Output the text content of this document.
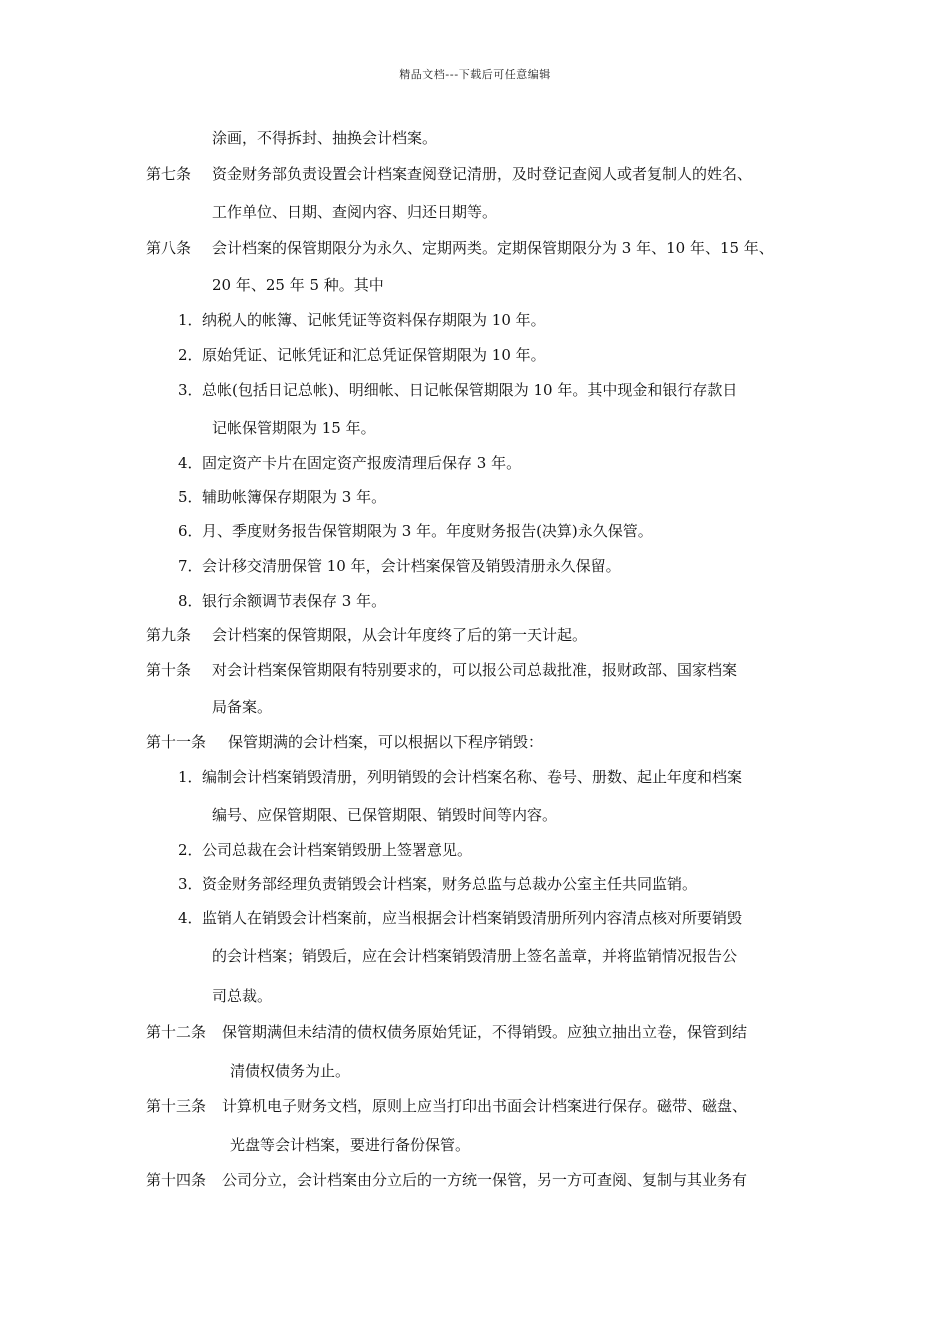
精品文档---下载后可任意编辑
涂画，不得拆封、抽换会计档案。
第七条 资金财务部负责设置会计档案查阅登记清册，及时登记查阅人或者复制人的姓名、
工作单位、日期、查阅内容、归还日期等。
第八条 会计档案的保管期限分为永久、定期两类。定期保管期限分为 3 年、10 年、15 年、
20 年、25 年 5 种。其中
1．纳税人的帐簿、记帐凭证等资料保存期限为 10 年。
2．原始凭证、记帐凭证和汇总凭证保管期限为 10 年。
3．总帐(包括日记总帐)、明细帐、日记帐保管期限为 10 年。其中现金和银行存款日
记帐保管期限为 15 年。
4．固定资产卡片在固定资产报废清理后保存 3 年。
5．辅助帐簿保存期限为 3 年。
6．月、季度财务报告保管期限为 3 年。年度财务报告(决算)永久保管。
7．会计移交清册保管 10 年，会计档案保管及销毁清册永久保留。
8．银行余额调节表保存 3 年。
第九条 会计档案的保管期限，从会计年度终了后的第一天计起。
第十条 对会计档案保管期限有特别要求的，可以报公司总裁批准，报财政部、国家档案
局备案。
第十一条 保管期满的会计档案，可以根据以下程序销毁：
1．编制会计档案销毁清册，列明销毁的会计档案名称、卷号、册数、起止年度和档案
编号、应保管期限、已保管期限、销毁时间等内容。
2．公司总裁在会计档案销毁册上签署意见。
3．资金财务部经理负责销毁会计档案，财务总监与总裁办公室主任共同监销。
4．监销人在销毁会计档案前，应当根据会计档案销毁清册所列内容清点核对所要销毁
的会计档案；销毁后，应在会计档案销毁清册上签名盖章，并将监销情况报告公
司总裁。
第十二条 保管期满但未结清的债权债务原始凭证，不得销毁。应独立抽出立卷，保管到结
清债权债务为止。
第十三条 计算机电子财务文档，原则上应当打印出书面会计档案进行保存。磁带、磁盘、
光盘等会计档案，要进行备份保管。
第十四条 公司分立，会计档案由分立后的一方统一保管，另一方可查阅、复制与其业务有
